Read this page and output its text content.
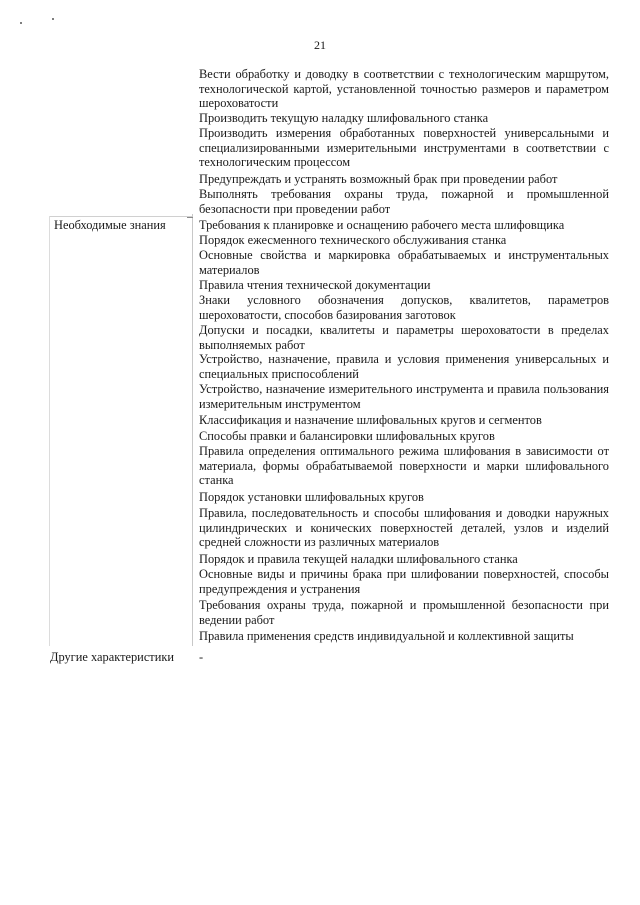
21
Вести обработку и доводку в соответствии с технологическим маршрутом, технологической картой, установленной точностью размеров и параметром шероховатости
Производить текущую наладку шлифовального станка
Производить измерения обработанных поверхностей универсальными и специализированными измерительными инструментами в соответствии с технологическим процессом
Предупреждать и устранять возможный брак при проведении работ
Выполнять требования охраны труда, пожарной и промышленной безопасности при проведении работ
Необходимые знания	Требования к планировке и оснащению рабочего места шлифовщика
Порядок ежесменного технического обслуживания станка
Основные свойства и маркировка обрабатываемых и инструментальных материалов
Правила чтения технической документации
Знаки условного обозначения допусков, квалитетов, параметров шероховатости, способов базирования заготовок
Допуски и посадки, квалитеты и параметры шероховатости в пределах выполняемых работ
Устройство, назначение, правила и условия применения универсальных и специальных приспособлений
Устройство, назначение измерительного инструмента и правила пользования измерительным инструментом
Классификация и назначение шлифовальных кругов и сегментов
Способы правки и балансировки шлифовальных кругов
Правила определения оптимального режима шлифования в зависимости от материала, формы обрабатываемой поверхности и марки шлифовального станка
Порядок установки шлифовальных кругов
Правила, последовательность и способы шлифования и доводки наружных цилиндрических и конических поверхностей деталей, узлов и изделий средней сложности из различных материалов
Порядок и правила текущей наладки шлифовального станка
Основные виды и причины брака при шлифовании поверхностей, способы предупреждения и устранения
Требования охраны труда, пожарной и промышленной безопасности при ведении работ
Правила применения средств индивидуальной и коллективной защиты
Другие характеристики -
